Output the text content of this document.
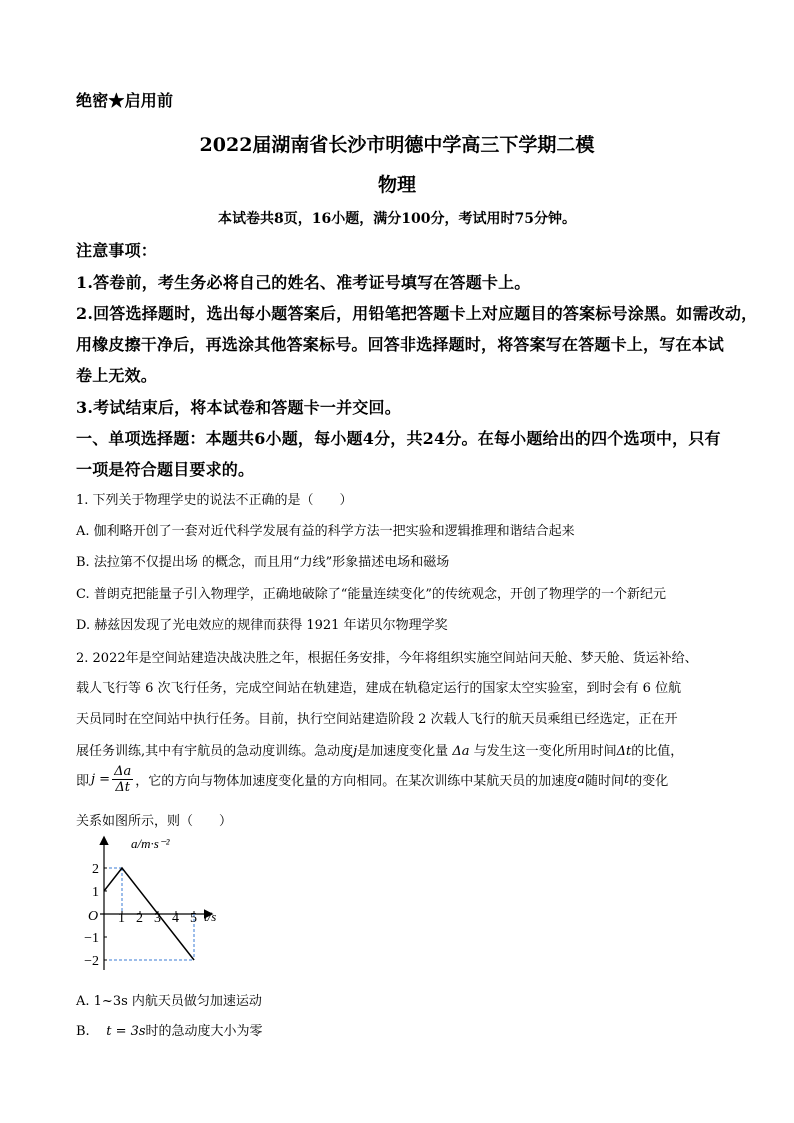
绝密★启用前
2022届湖南省长沙市明德中学高三下学期二模
物理
本试卷共8页，16小题，满分100分，考试用时75分钟。
注意事项：
1.答卷前，考生务必将自己的姓名、准考证号填写在答题卡上。
2.回答选择题时，选出每小题答案后，用铅笔把答题卡上对应题目的答案标号涂黑。如需改动，
用橡皮擦干净后，再选涂其他答案标号。回答非选择题时，将答案写在答题卡上，写在本试
卷上无效。
3.考试结束后，将本试卷和答题卡一并交回。
一、单项选择题：本题共6小题，每小题4分，共24分。在每小题给出的四个选项中，只有
一项是符合题目要求的。
1. 下列关于物理学史的说法不正确的是（　　）
A. 伽利略开创了一套对近代科学发展有益的科学方法一把实验和逻辑推理和谐结合起来
B. 法拉第不仅提出场 的概念，而且用“力线”形象描述电场和磁场
C. 普朗克把能量子引入物理学，正确地破除了“能量连续变化”的传统观念，开创了物理学的一个新纪元
D. 赫兹因发现了光电效应的规律而获得 1921 年诺贝尔物理学奖
2. 2022年是空间站建造决战决胜之年，根据任务安排，今年将组织实施空间站问天舱、梦天舱、货运补给、
载人飞行等 6 次飞行任务，完成空间站在轨建造，建成在轨稳定运行的国家太空实验室，到时会有 6 位航
天员同时在空间站中执行任务。目前，执行空间站建造阶段 2 次载人飞行的航天员乘组已经选定，正在开
展任务训练,其中有宇航员的急动度训练。急动度j是加速度变化量 Δa 与发生这一变化所用时间Δt的比值，
即 $j = \frac{\Delta a}{\Delta t}$ ，它的方向与物体加速度变化量的方向相同。在某次训练中某航天员的加速度 a 随时间 t 的变化
关系如图所示，则（　　）
1 2 3 4 5
2
1
−1
−2
a/m·s⁻²
t/s
O
A. 1~3s 内航天员做匀加速运动
B.    t = 3s时的急动度大小为零
